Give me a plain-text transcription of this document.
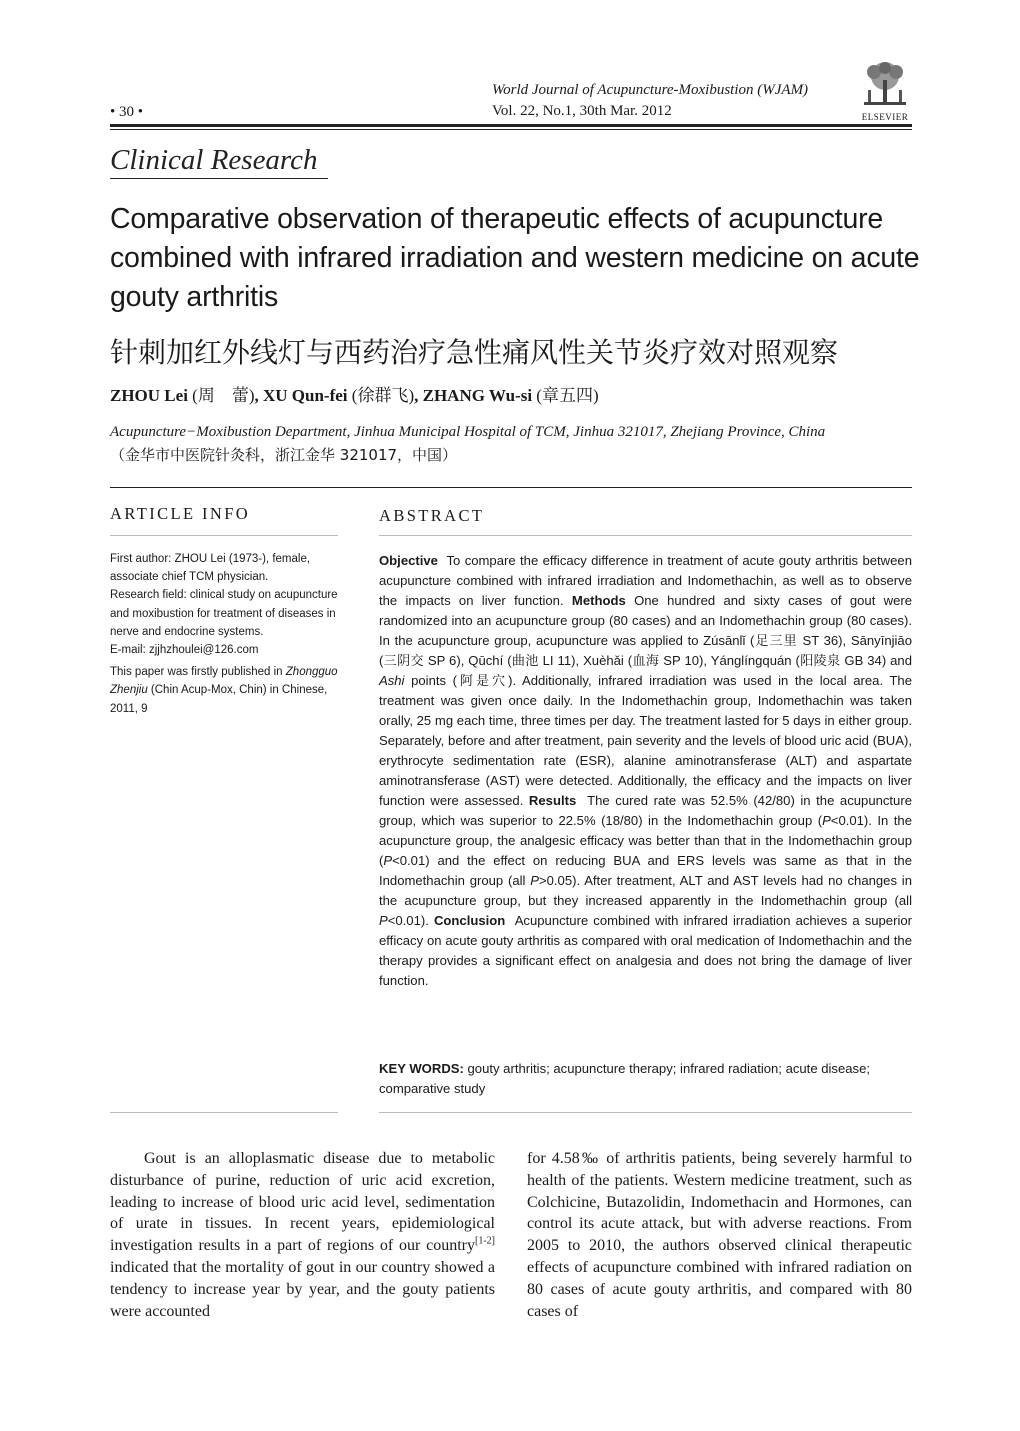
• 30 •
World Journal of Acupuncture-Moxibustion (WJAM)
Vol. 22, No.1, 30th Mar. 2012	ELSEVIER
Clinical Research
Comparative observation of therapeutic effects of acupuncture combined with infrared irradiation and western medicine on acute gouty arthritis
针刺加红外线灯与西药治疗急性痛风性关节炎疗效对照观察
ZHOU Lei (周　蕾), XU Qun-fei (徐群飞), ZHANG Wu-si (章五四)
Acupuncture−Moxibustion Department, Jinhua Municipal Hospital of TCM, Jinhua 321017, Zhejiang Province, China
（金华市中医院针灸科，浙江金华 321017，中国）
ARTICLE INFO	ABSTRACT

First author: ZHOU Lei (1973-), female, associate chief TCM physician.
Research field: clinical study on acupuncture and moxibustion for treatment of diseases in nerve and endocrine systems.
E-mail: zjjhzhoulei@126.com

This paper was firstly published in Zhongguo Zhenjiu (Chin Acup-Mox, Chin) in Chinese, 2011, 9

Objective To compare the efficacy difference in treatment of acute gouty arthritis between acupuncture combined with infrared irradiation and Indomethachin, as well as to observe the impacts on liver function. Methods One hundred and sixty cases of gout were randomized into an acupuncture group (80 cases) and an Indomethachin group (80 cases). In the acupuncture group, acupuncture was applied to Zúsānlǐ (足三里 ST 36), Sānyīnjiāo (三阴交 SP 6), Qūchí (曲池 LI 11), Xuèhǎi (血海 SP 10), Yánglíngquán (阳陵泉 GB 34) and Ashi points (阿是穴). Additionally, infrared irradiation was used in the local area. The treatment was given once daily. In the Indomethachin group, Indomethachin was taken orally, 25 mg each time, three times per day. The treatment lasted for 5 days in either group. Separately, before and after treatment, pain severity and the levels of blood uric acid (BUA), erythrocyte sedimentation rate (ESR), alanine aminotransferase (ALT) and aspartate aminotransferase (AST) were detected. Additionally, the efficacy and the impacts on liver function were assessed. Results The cured rate was 52.5% (42/80) in the acupuncture group, which was superior to 22.5% (18/80) in the Indomethachin group (P<0.01). In the acupuncture group, the analgesic efficacy was better than that in the Indomethachin group (P<0.01) and the effect on reducing BUA and ERS levels was same as that in the Indomethachin group (all P>0.05). After treatment, ALT and AST levels had no changes in the acupuncture group, but they increased apparently in the Indomethachin group (all P<0.01). Conclusion Acupuncture combined with infrared irradiation achieves a superior efficacy on acute gouty arthritis as compared with oral medication of Indomethachin and the therapy provides a significant effect on analgesia and does not bring the damage of liver function.
KEY WORDS: gouty arthritis; acupuncture therapy; infrared radiation; acute disease; comparative study

Gout is an alloplasmatic disease due to metabolic disturbance of purine, reduction of uric acid excretion, leading to increase of blood uric acid level, sedimentation of urate in tissues. In recent years, epidemiological investigation results in a part of regions of our country[1-2] indicated that the mortality of gout in our country showed a tendency to increase year by year, and the gouty patients were accounted

for 4.58‰ of arthritis patients, being severely harmful to health of the patients. Western medicine treatment, such as Colchicine, Butazolidin, Indomethacin and Hormones, can control its acute attack, but with adverse reactions. From 2005 to 2010, the authors observed clinical therapeutic effects of acupuncture combined with infrared radiation on 80 cases of acute gouty arthritis, and compared with 80 cases of
